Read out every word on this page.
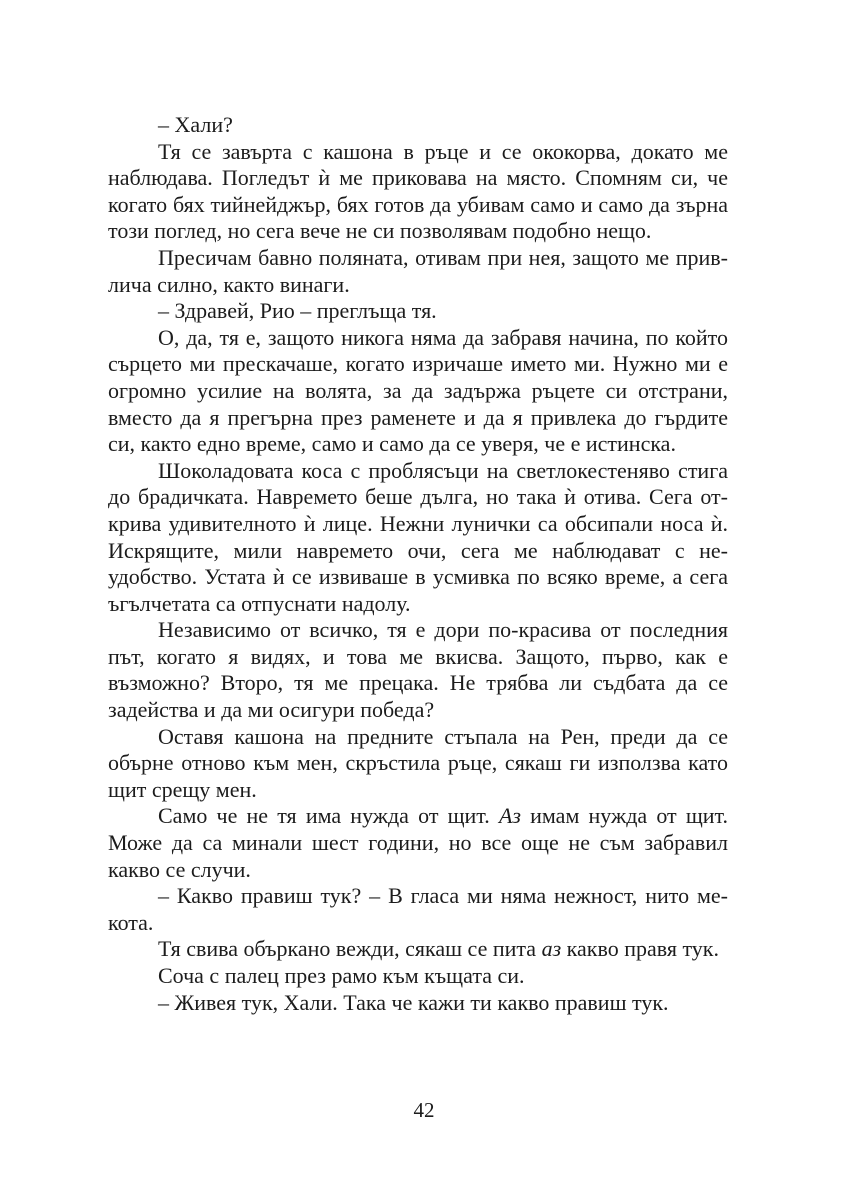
– Хали?

Тя се завърта с кашона в ръце и се ококорва, докато ме наблюдава. Погледът ѝ ме приковава на място. Спомням си, че когато бях тийнейджър, бях готов да убивам само и само да зърна този поглед, но сега вече не си позволявам подобно нещо.

Пресичам бавно поляната, отивам при нея, защото ме привлича силно, както винаги.

– Здравей, Рио – преглъща тя.

О, да, тя е, защото никога няма да забравя начина, по който сърцето ми прескачаше, когато изричаше името ми. Нужно ми е огромно усилие на волята, за да задържа ръцете си отстрани, вместо да я прегърна през раменете и да я привлека до гърдите си, както едно време, само и само да се уверя, че е истинска.

Шоколадовата коса с проблясъци на светлокестеняво стига до брадичката. Навремето беше дълга, но така ѝ отива. Сега открива удивителното ѝ лице. Нежни лунички са обсипали носа ѝ. Искрящите, мили навремето очи, сега ме наблюдават с неудобство. Устата ѝ се извиваше в усмивка по всяко време, а сега ъгълчетата са отпуснати надолу.

Независимо от всичко, тя е дори по-красива от последния път, когато я видях, и това ме вкисва. Защото, първо, как е възможно? Второ, тя ме прецака. Не трябва ли съдбата да се задейства и да ми осигури победа?

Оставя кашона на предните стъпала на Рен, преди да се обърне отново към мен, скръстила ръце, сякаш ги използва като щит срещу мен.

Само че не тя има нужда от щит. Аз имам нужда от щит. Може да са минали шест години, но все още не съм забравил какво се случи.

– Какво правиш тук? – В гласа ми няма нежност, нито мекота.

Тя свива объркано вежди, сякаш се пита аз какво правя тук.

Соча с палец през рамо към къщата си.

– Живея тук, Хали. Така че кажи ти какво правиш тук.

42
